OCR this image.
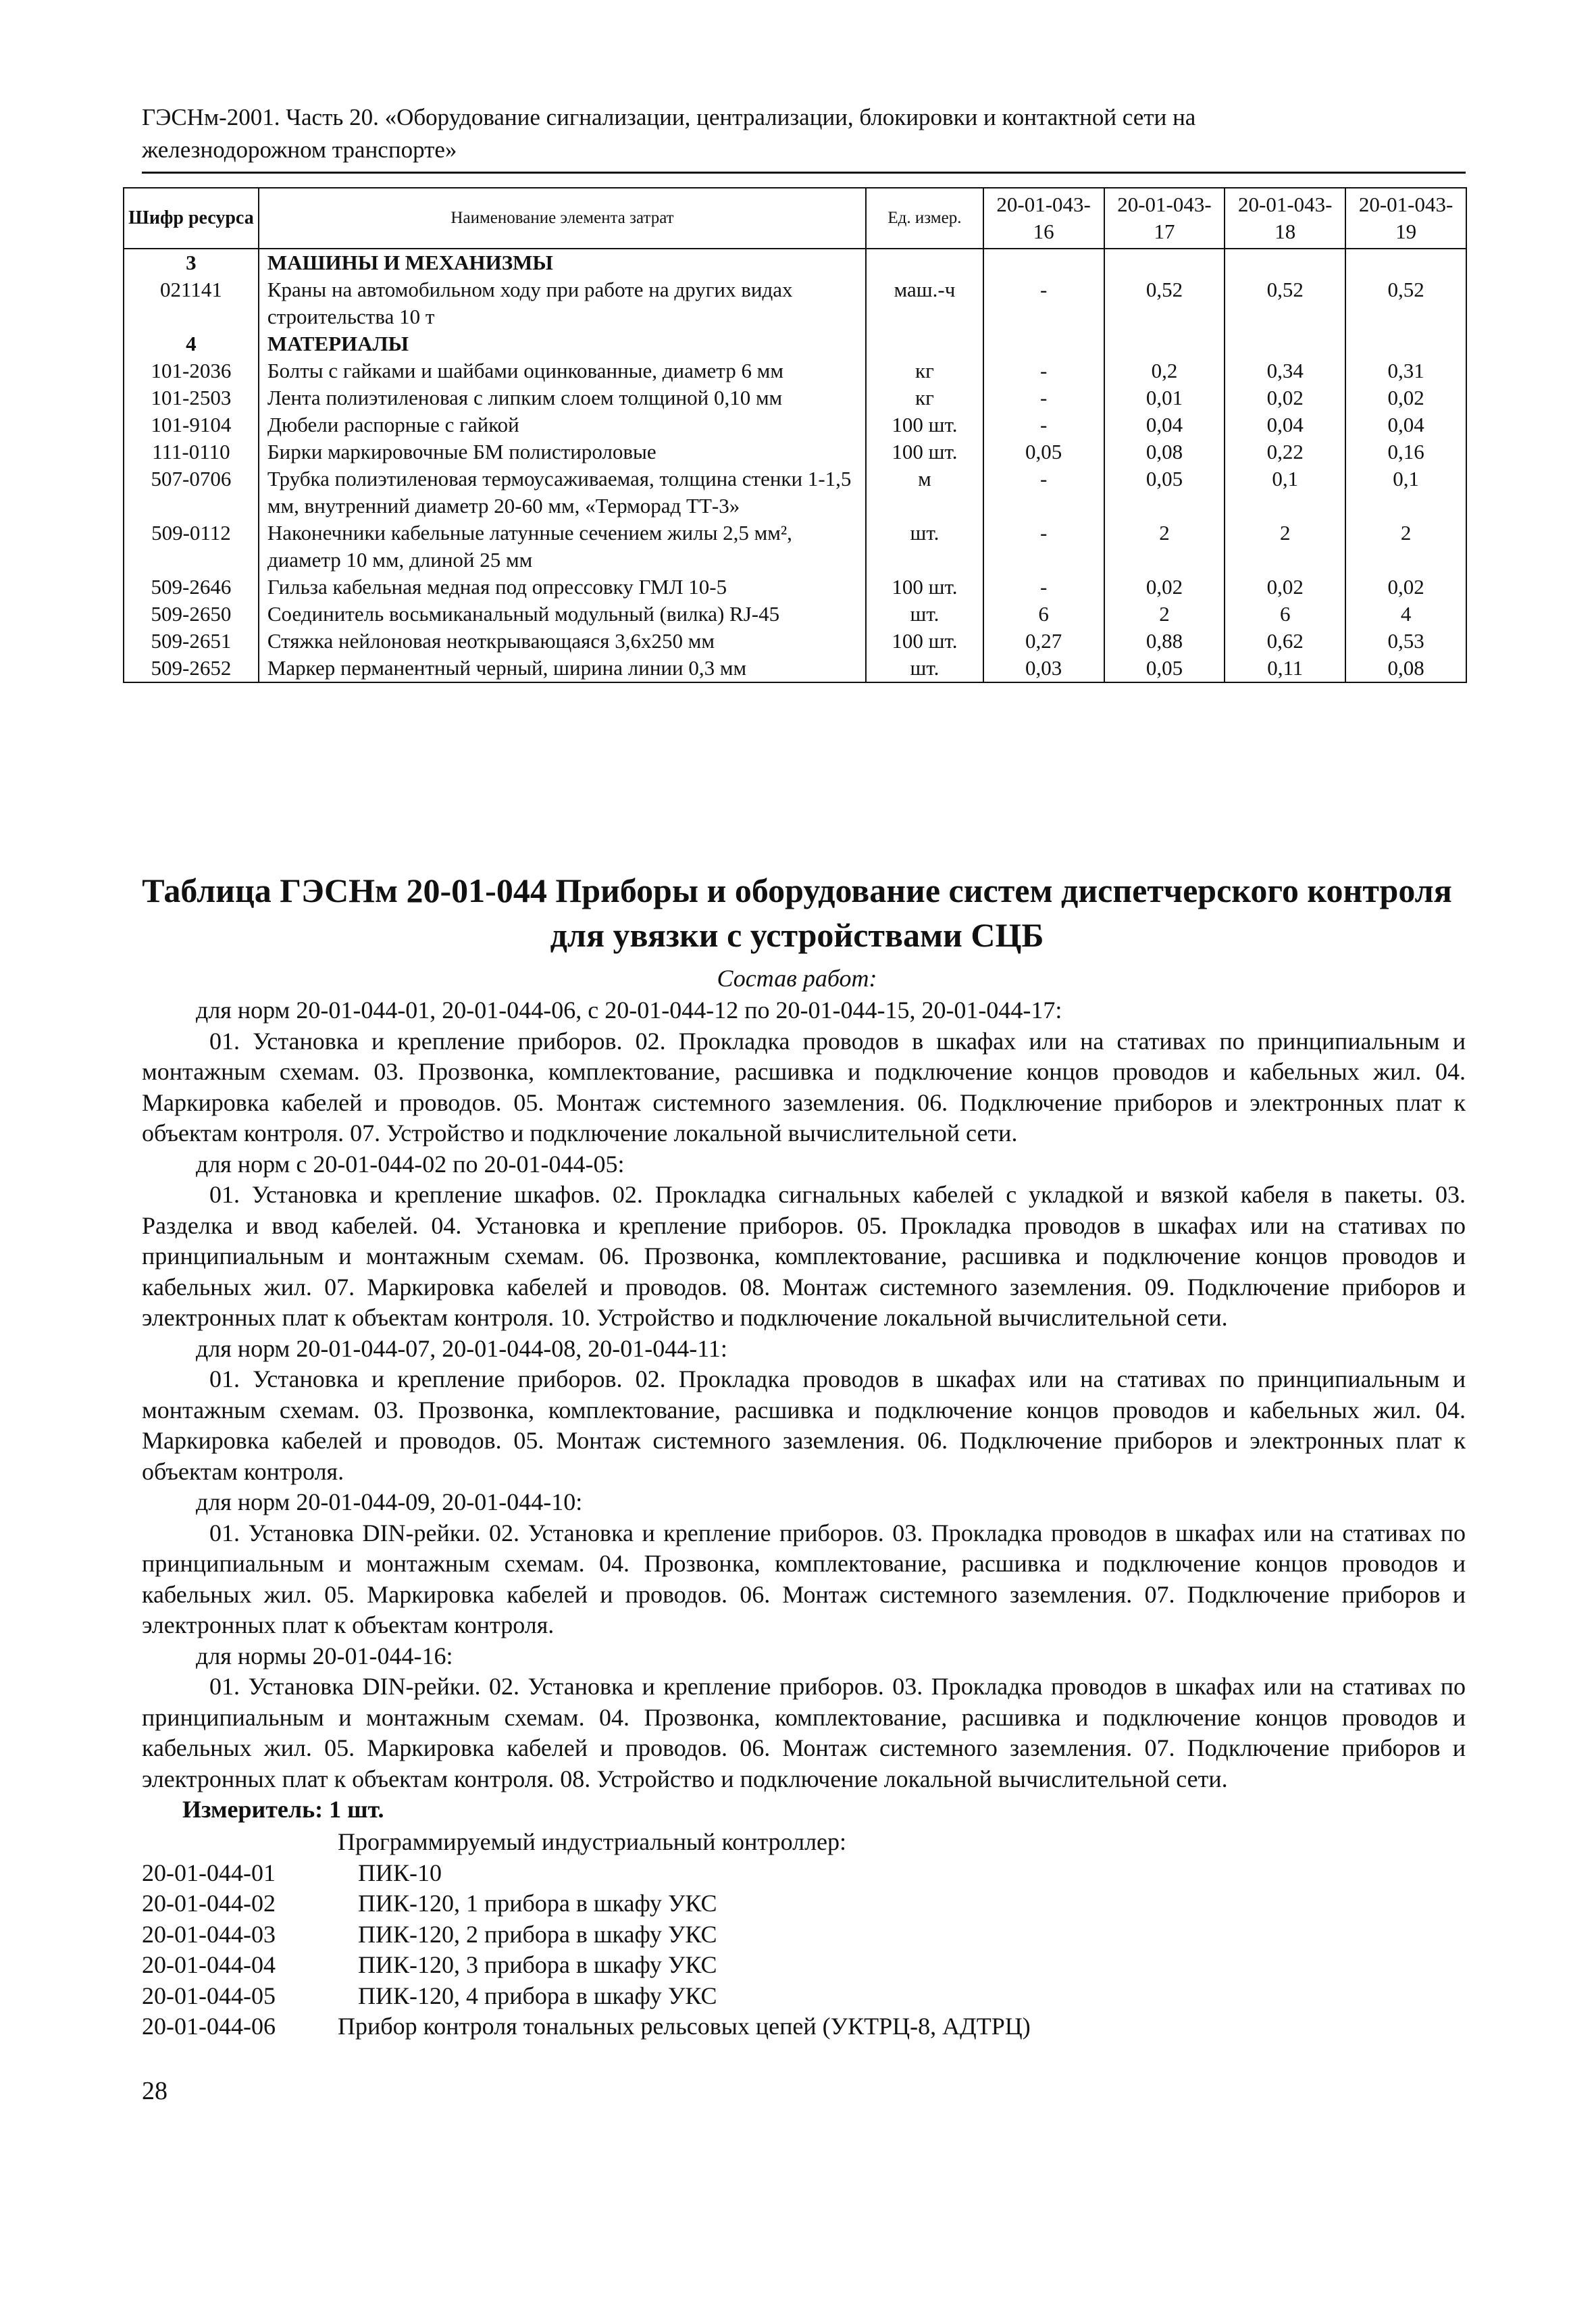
ГЭСНм-2001. Часть 20. «Оборудование сигнализации, централизации, блокировки и контактной сети на
железнодорожном транспорте»
Шифр ресурса	Наименование элемента затрат	Ед. измер.	20-01-043-16	20-01-043-17	20-01-043-18	20-01-043-19
3	МАШИНЫ И МЕХАНИЗМЫ					
021141	Краны на автомобильном ходу при работе на других видах строительства 10 т	маш.-ч	-	0,52	0,52	0,52
4	МАТЕРИАЛЫ					
101-2036	Болты с гайками и шайбами оцинкованные, диаметр 6 мм	кг	-	0,2	0,34	0,31
101-2503	Лента полиэтиленовая с липким слоем толщиной 0,10 мм	кг	-	0,01	0,02	0,02
101-9104	Дюбели распорные с гайкой	100 шт.	-	0,04	0,04	0,04
111-0110	Бирки маркировочные БМ полистироловые	100 шт.	0,05	0,08	0,22	0,16
507-0706	Трубка полиэтиленовая термоусаживаемая, толщина стенки 1-1,5 мм, внутренний диаметр 20-60 мм, «Терморад ТТ-3»	м	-	0,05	0,1	0,1
509-0112	Наконечники кабельные латунные сечением жилы 2,5 мм², диаметр 10 мм, длиной 25 мм	шт.	-	2	2	2
509-2646	Гильза кабельная медная под опрессовку ГМЛ 10-5	100 шт.	-	0,02	0,02	0,02
509-2650	Соединитель восьмиканальный модульный (вилка) RJ-45	шт.	6	2	6	4
509-2651	Стяжка нейлоновая неоткрывающаяся 3,6х250 мм	100 шт.	0,27	0,88	0,62	0,53
509-2652	Маркер перманентный черный, ширина линии 0,3 мм	шт.	0,03	0,05	0,11	0,08
Таблица ГЭСНм 20-01-044 Приборы и оборудование систем диспетчерского контроля
для увязки с устройствами СЦБ
Состав работ:

для норм 20-01-044-01, 20-01-044-06, с 20-01-044-12 по 20-01-044-15, 20-01-044-17:

01. Установка и крепление приборов. 02. Прокладка проводов в шкафах или на стативах по принципиальным и монтажным схемам. 03. Прозвонка, комплектование, расшивка и подключение концов проводов и кабельных жил. 04. Маркировка кабелей и проводов. 05. Монтаж системного заземления. 06. Подключение приборов и электронных плат к объектам контроля. 07. Устройство и подключение локальной вычислительной сети.

для норм с 20-01-044-02 по 20-01-044-05:

01. Установка и крепление шкафов. 02. Прокладка сигнальных кабелей с укладкой и вязкой кабеля в пакеты. 03. Разделка и ввод кабелей. 04. Установка и крепление приборов. 05. Прокладка проводов в шкафах или на стативах по принципиальным и монтажным схемам. 06. Прозвонка, комплектование, расшивка и подключение концов проводов и кабельных жил. 07. Маркировка кабелей и проводов. 08. Монтаж системного заземления. 09. Подключение приборов и электронных плат к объектам контроля. 10. Устройство и подключение локальной вычислительной сети.

для норм 20-01-044-07, 20-01-044-08, 20-01-044-11:

01. Установка и крепление приборов. 02. Прокладка проводов в шкафах или на стативах по принципиальным и монтажным схемам. 03. Прозвонка, комплектование, расшивка и подключение концов проводов и кабельных жил. 04. Маркировка кабелей и проводов. 05. Монтаж системного заземления. 06. Подключение приборов и электронных плат к объектам контроля.

для норм 20-01-044-09, 20-01-044-10:

01. Установка DIN-рейки. 02. Установка и крепление приборов. 03. Прокладка проводов в шкафах или на стативах по принципиальным и монтажным схемам. 04. Прозвонка, комплектование, расшивка и подключение концов проводов и кабельных жил. 05. Маркировка кабелей и проводов. 06. Монтаж системного заземления. 07. Подключение приборов и электронных плат к объектам контроля.

для нормы 20-01-044-16:

01. Установка DIN-рейки. 02. Установка и крепление приборов. 03. Прокладка проводов в шкафах или на стативах по принципиальным и монтажным схемам. 04. Прозвонка, комплектование, расшивка и подключение концов проводов и кабельных жил. 05. Маркировка кабелей и проводов. 06. Монтаж системного заземления. 07. Подключение приборов и электронных плат к объектам контроля. 08. Устройство и подключение локальной вычислительной сети.

Измеритель: 1 шт.

Программируемый индустриальный контроллер:
20-01-044-01	ПИК-10
20-01-044-02	ПИК-120, 1 прибора в шкафу УКС
20-01-044-03	ПИК-120, 2 прибора в шкафу УКС
20-01-044-04	ПИК-120, 3 прибора в шкафу УКС
20-01-044-05	ПИК-120, 4 прибора в шкафу УКС
20-01-044-06	Прибор контроля тональных рельсовых цепей (УКТРЦ-8, АДТРЦ)
28
